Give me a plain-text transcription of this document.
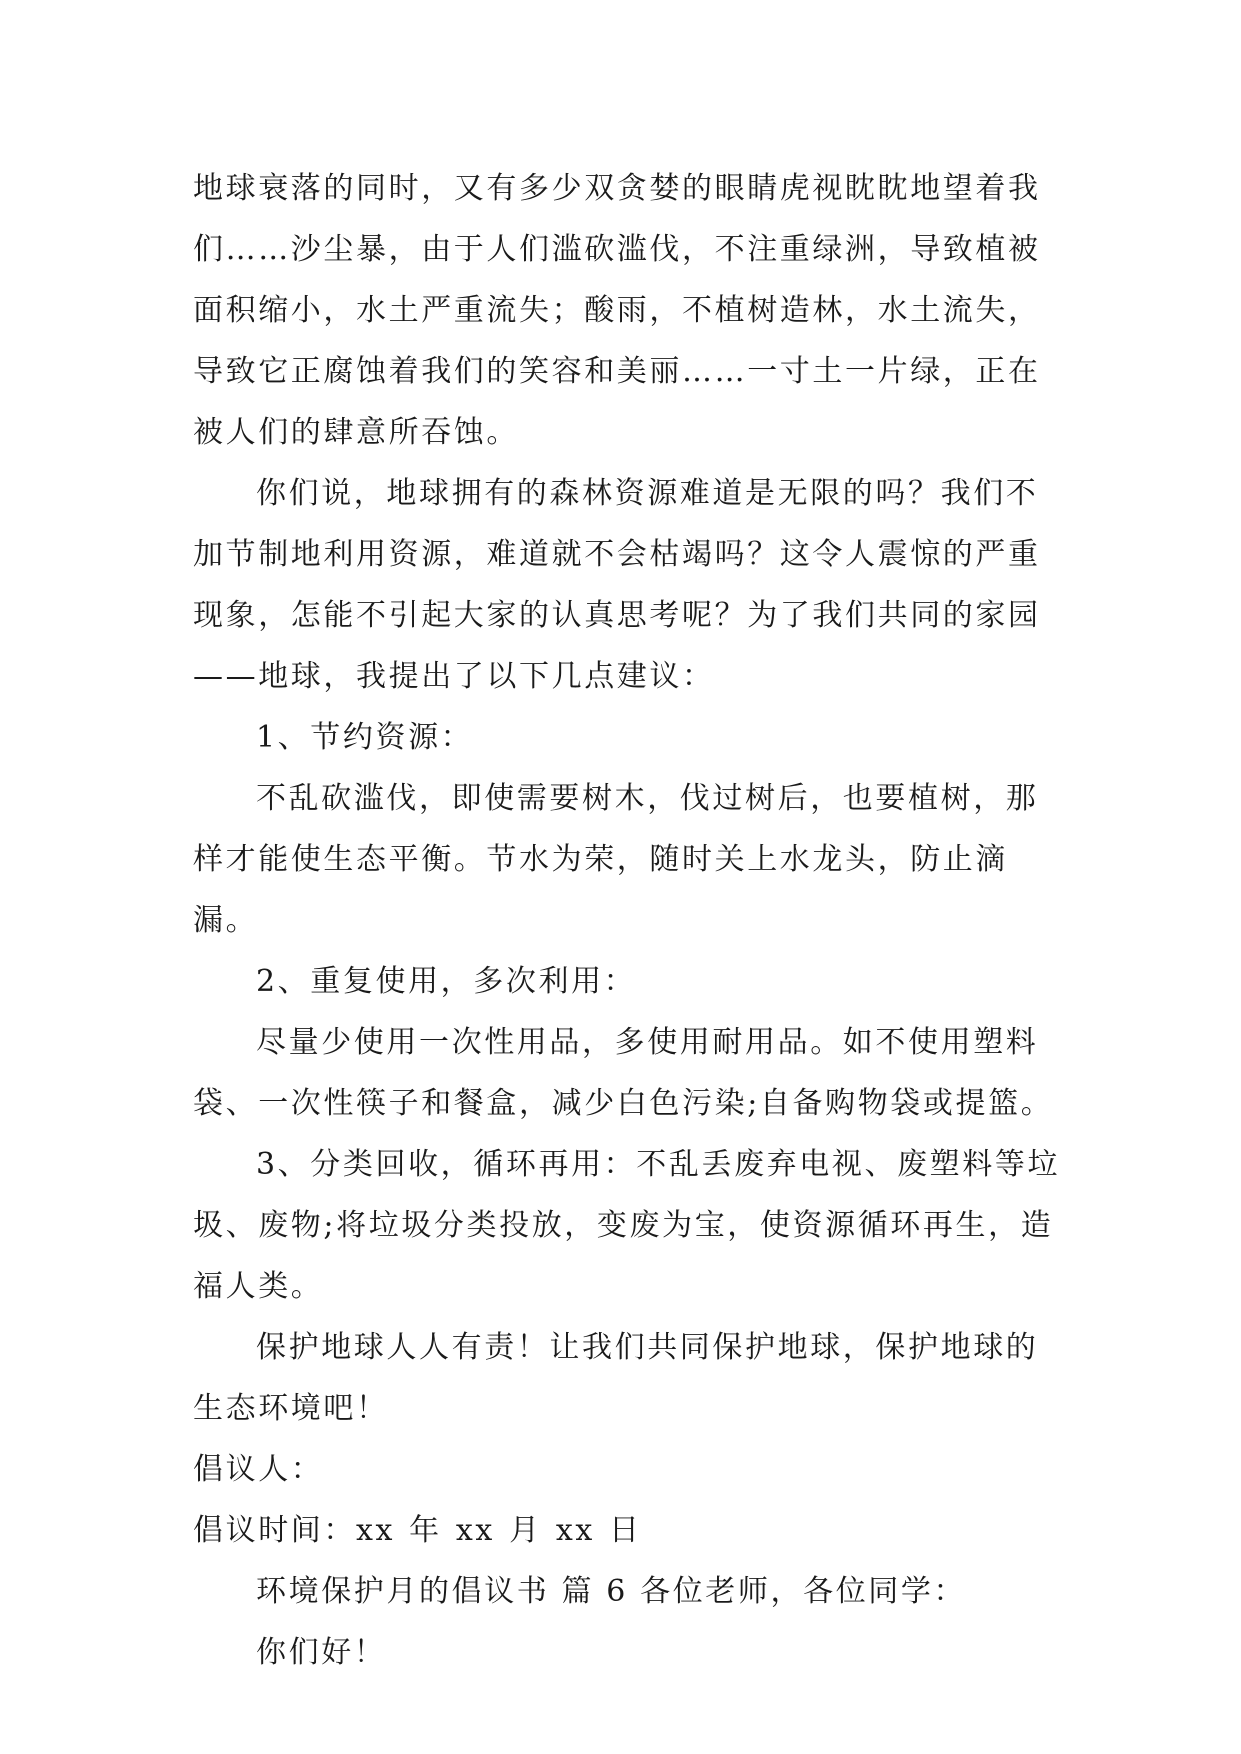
地球衰落的同时，又有多少双贪婪的眼睛虎视眈眈地望着我们……沙尘暴，由于人们滥砍滥伐，不注重绿洲，导致植被面积缩小，水土严重流失；酸雨，不植树造林，水土流失，导致它正腐蚀着我们的笑容和美丽……一寸土一片绿，正在被人们的肆意所吞蚀。

你们说，地球拥有的森林资源难道是无限的吗？我们不加节制地利用资源，难道就不会枯竭吗？这令人震惊的严重现象，怎能不引起大家的认真思考呢？为了我们共同的家园——地球，我提出了以下几点建议：

1、节约资源：

不乱砍滥伐，即使需要树木，伐过树后，也要植树，那样才能使生态平衡。节水为荣，随时关上水龙头，防止滴漏。

2、重复使用，多次利用：

尽量少使用一次性用品，多使用耐用品。如不使用塑料袋、一次性筷子和餐盒，减少白色污染;自备购物袋或提篮。

3、分类回收，循环再用：不乱丢废弃电视、废塑料等垃圾、废物;将垃圾分类投放，变废为宝，使资源循环再生，造福人类。

保护地球人人有责！让我们共同保护地球，保护地球的生态环境吧！

倡议人：

倡议时间：xx 年 xx 月 xx 日

环境保护月的倡议书 篇 6 各位老师，各位同学：

你们好！
